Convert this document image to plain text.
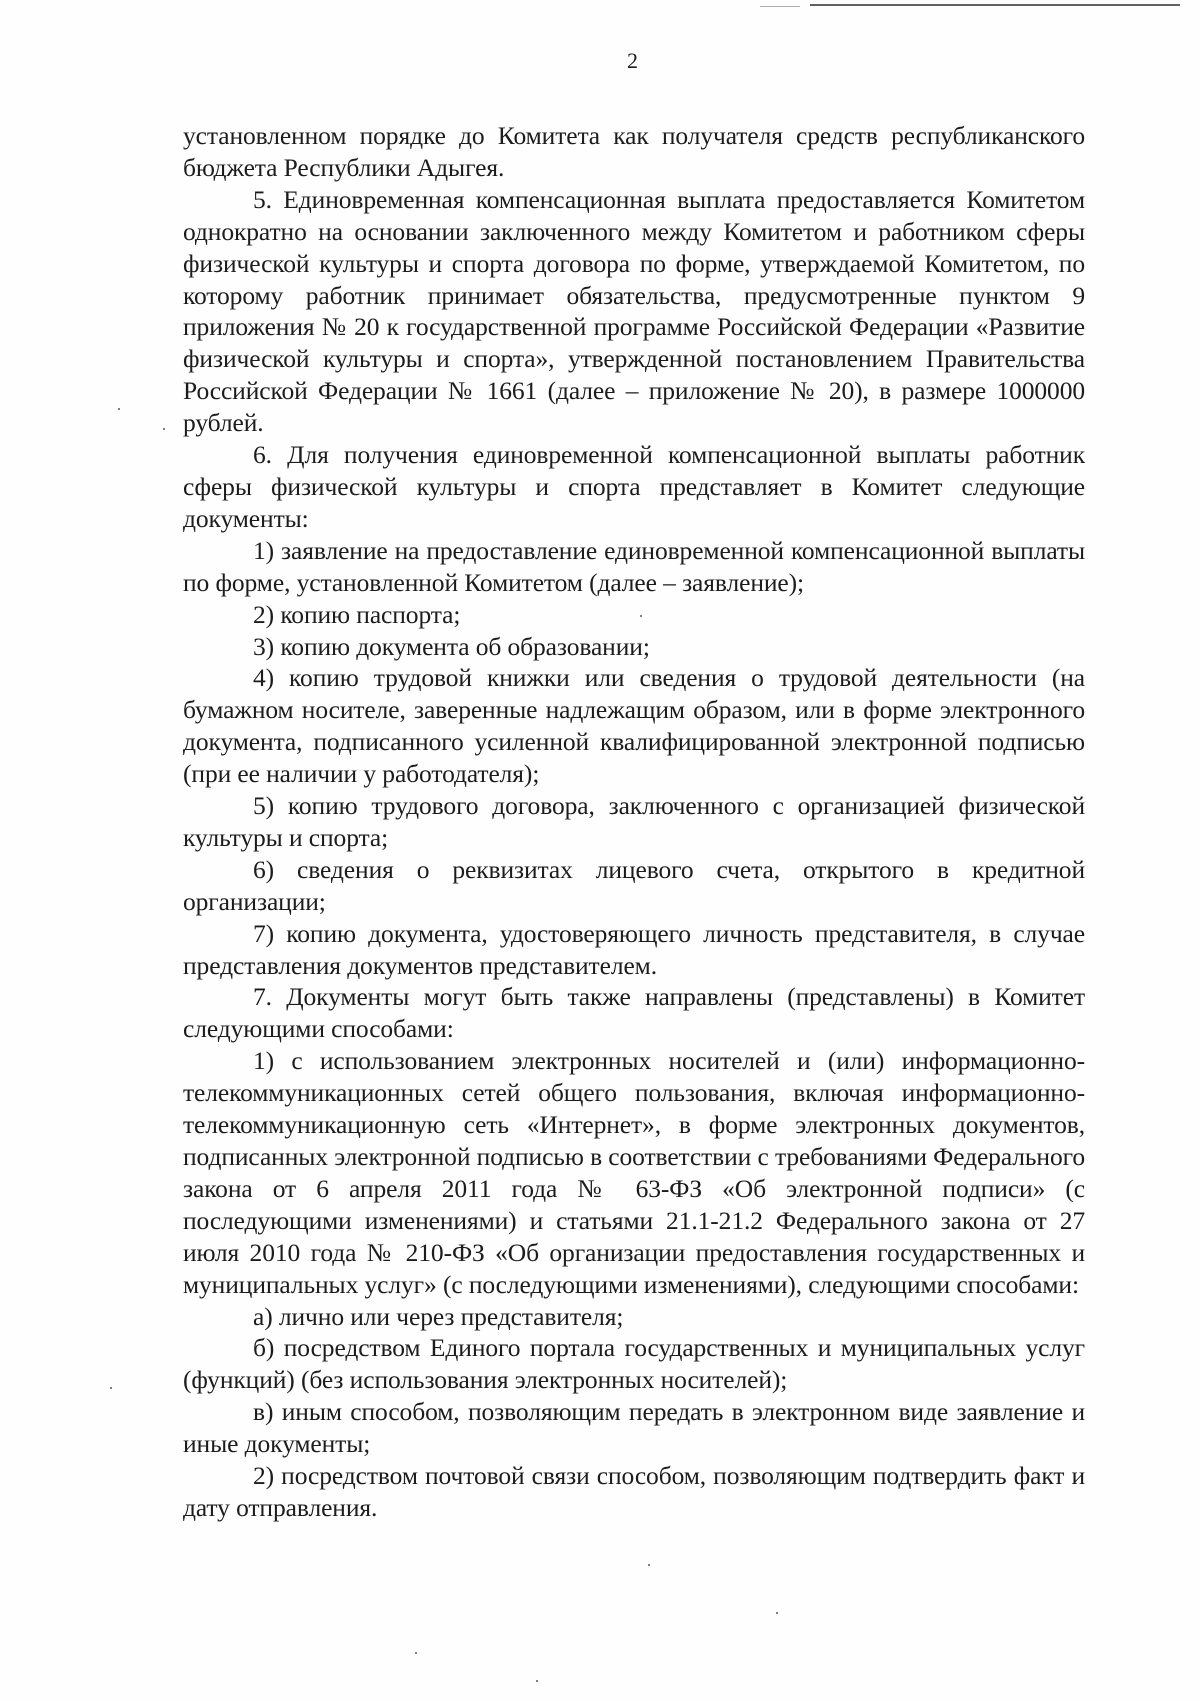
2

установленном порядке до Комитета как получателя средств республиканского бюджета Республики Адыгея.

5. Единовременная компенсационная выплата предоставляется Комитетом однократно на основании заключенного между Комитетом и работником сферы физической культуры и спорта договора по форме, утверждаемой Комитетом, по которому работник принимает обязательства, предусмотренные пунктом 9 приложения № 20 к государственной программе Российской Федерации «Развитие физической культуры и спорта», утвержденной постановлением Правительства Российской Федерации № 1661 (далее – приложение № 20), в размере 1000000 рублей.

6. Для получения единовременной компенсационной выплаты работник сферы физической культуры и спорта представляет в Комитет следующие документы:

1) заявление на предоставление единовременной компенсационной выплаты по форме, установленной Комитетом (далее – заявление);

2) копию паспорта;

3) копию документа об образовании;

4) копию трудовой книжки или сведения о трудовой деятельности (на бумажном носителе, заверенные надлежащим образом, или в форме электронного документа, подписанного усиленной квалифицированной электронной подписью (при ее наличии у работодателя);

5) копию трудового договора, заключенного с организацией физической культуры и спорта;

6) сведения о реквизитах лицевого счета, открытого в кредитной организации;

7) копию документа, удостоверяющего личность представителя, в случае представления документов представителем.

7. Документы могут быть также направлены (представлены) в Комитет следующими способами:

1) с использованием электронных носителей и (или) информационно-телекоммуникационных сетей общего пользования, включая информационно-телекоммуникационную сеть «Интернет», в форме электронных документов, подписанных электронной подписью в соответствии с требованиями Федерального закона от 6 апреля 2011 года № 63-ФЗ «Об электронной подписи» (с последующими изменениями) и статьями 21.1-21.2 Федерального закона от 27 июля 2010 года № 210-ФЗ «Об организации предоставления государственных и муниципальных услуг» (с последующими изменениями), следующими способами:

а) лично или через представителя;

б) посредством Единого портала государственных и муниципальных услуг (функций) (без использования электронных носителей);

в) иным способом, позволяющим передать в электронном виде заявление и иные документы;

2) посредством почтовой связи способом, позволяющим подтвердить факт и дату отправления.
